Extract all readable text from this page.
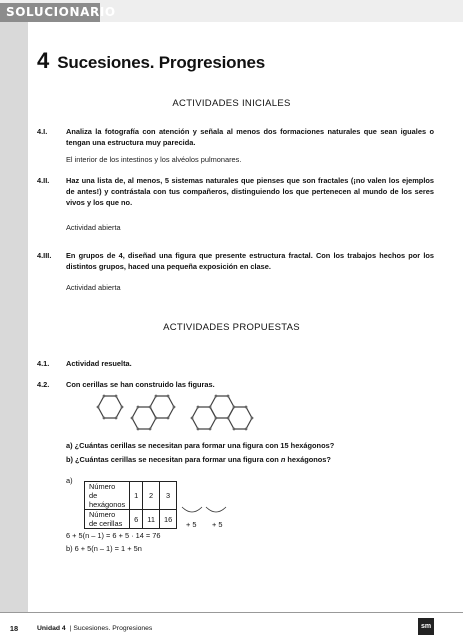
SOLUCIONARIO
4 Sucesiones. Progresiones
ACTIVIDADES INICIALES
4.I.	Analiza la fotografía con atención y señala al menos dos formaciones naturales que sean iguales o tengan una estructura muy parecida.
El interior de los intestinos y los alvéolos pulmonares.
4.II. Haz una lista de, al menos, 5 sistemas naturales que pienses que son fractales (¡no valen los ejemplos de antes!) y contrástala con tus compañeros, distinguiendo los que pertenecen al mundo de los seres vivos y los que no.
Actividad abierta
4.III. En grupos de 4, diseñad una figura que presente estructura fractal. Con los trabajos hechos por los distintos grupos, haced una pequeña exposición en clase.
Actividad abierta
ACTIVIDADES PROPUESTAS
4.1. Actividad resuelta.
4.2. Con cerillas se han construido las figuras.
a) ¿Cuántas cerillas se necesitan para formar una figura con 15 hexágonos?
b) ¿Cuántas cerillas se necesitan para formar una figura con n hexágonos?
a)
Número de hexágonos	1	2	3
Número de cerillas	6	11	16
+ 5 + 5
6 + 5(n – 1) = 6 + 5 · 14 = 76
b) 6 + 5(n – 1) = 1 + 5n
18	Unidad 4 | Sucesiones. Progresiones	sm
